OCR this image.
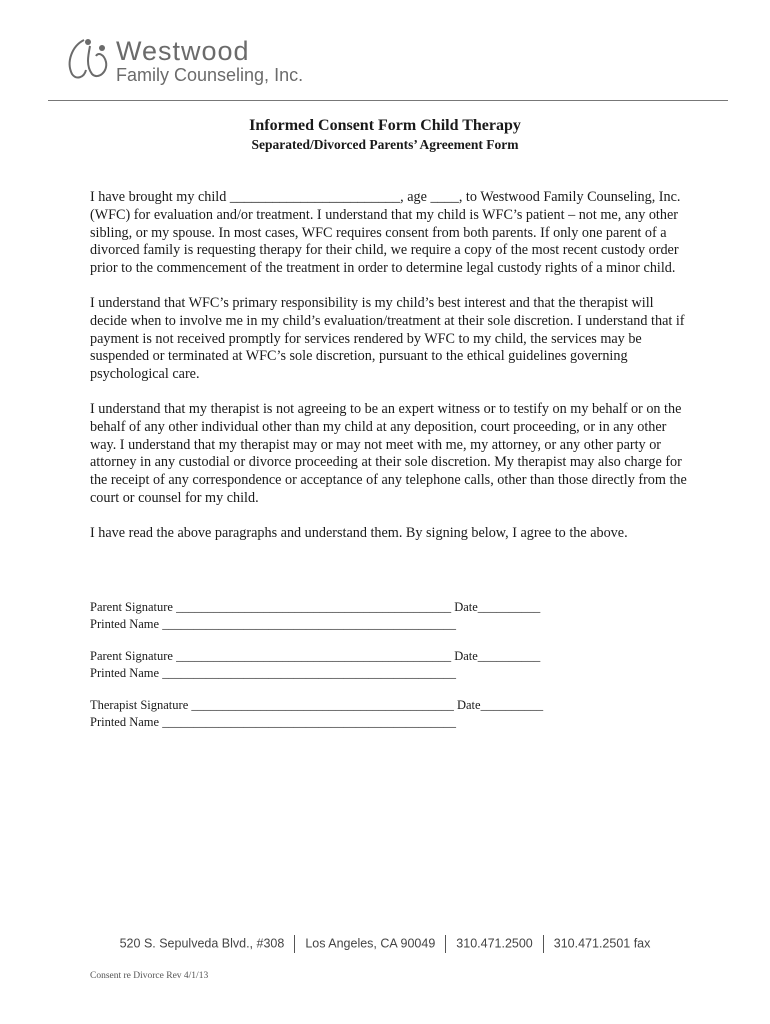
Westwood
Family Counseling, Inc.
Informed Consent Form Child Therapy
Separated/Divorced Parents’ Agreement Form

I have brought my child ________________________, age ____, to Westwood Family Counseling, Inc. (WFC) for evaluation and/or treatment. I understand that my child is WFC’s patient – not me, any other sibling, or my spouse. In most cases, WFC requires consent from both parents. If only one parent of a divorced family is requesting therapy for their child, we require a copy of the most recent custody order prior to the commencement of the treatment in order to determine legal custody rights of a minor child.

I understand that WFC’s primary responsibility is my child’s best interest and that the therapist will decide when to involve me in my child’s evaluation/treatment at their sole discretion. I understand that if payment is not received promptly for services rendered by WFC to my child, the services may be suspended or terminated at WFC’s sole discretion, pursuant to the ethical guidelines governing psychological care.

I understand that my therapist is not agreeing to be an expert witness or to testify on my behalf or on the behalf of any other individual other than my child at any deposition, court proceeding, or in any other way. I understand that my therapist may or may not meet with me, my attorney, or any other party or attorney in any custodial or divorce proceeding at their sole discretion. My therapist may also charge for the receipt of any correspondence or acceptance of any telephone calls, other than those directly from the court or counsel for my child.

I have read the above paragraphs and understand them. By signing below, I agree to the above.

Parent Signature ____________________________________________ Date__________
Printed Name _______________________________________________
Parent Signature ____________________________________________ Date__________
Printed Name _______________________________________________
Therapist Signature __________________________________________ Date__________
Printed Name _______________________________________________
520 S. Sepulveda Blvd., #308 Los Angeles, CA 90049 310.471.2500 310.471.2501 fax
Consent re Divorce Rev 4/1/13
